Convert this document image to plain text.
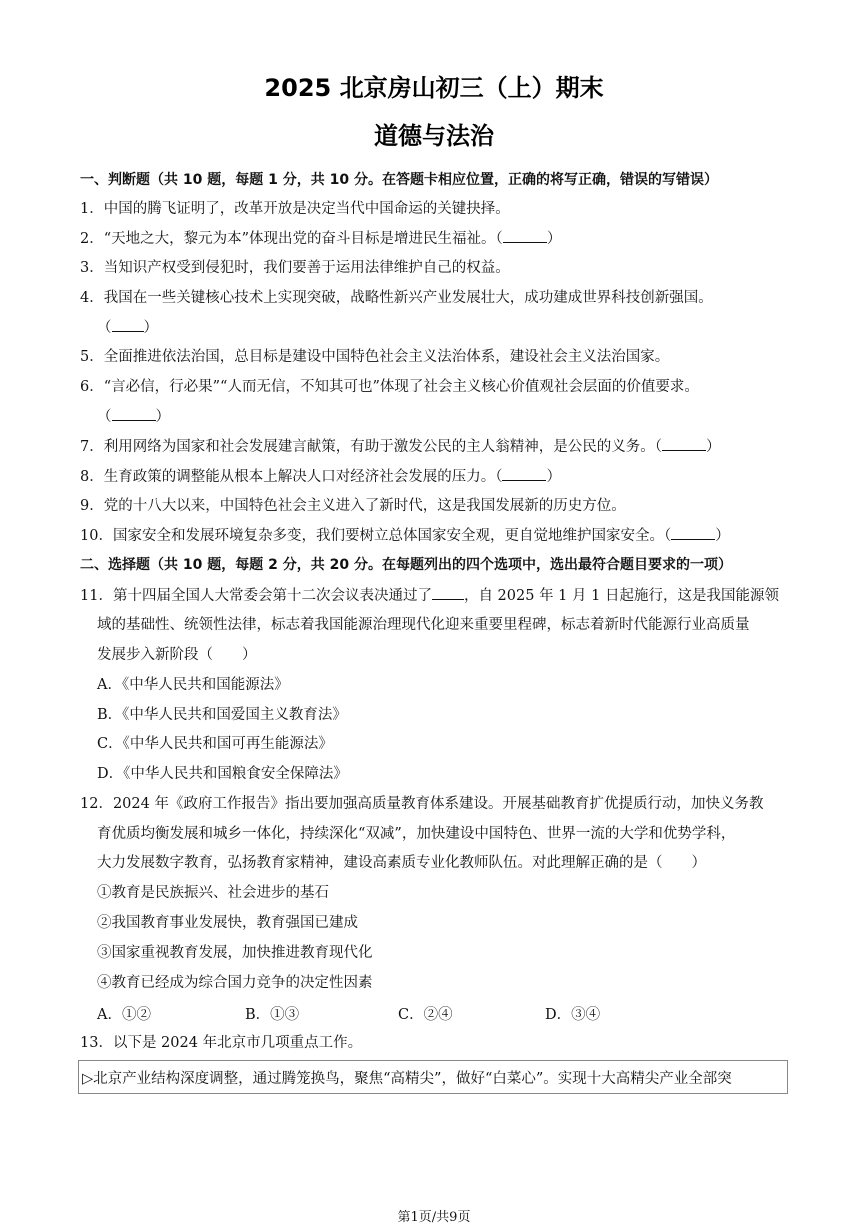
2025 北京房山初三（上）期末
道德与法治
一、判断题（共 10 题，每题 1 分，共 10 分。在答题卡相应位置，正确的将写正确，错误的写错误）
1．中国的腾飞证明了，改革开放是决定当代中国命运的关键抉择。
2．“天地之大，黎元为本”体现出党的奋斗目标是增进民生福祉。（	）
3．当知识产权受到侵犯时，我们要善于运用法律维护自己的权益。
4．我国在一些关键核心技术上实现突破，战略性新兴产业发展壮大，成功建成世界科技创新强国。
（ ）
5．全面推进依法治国，总目标是建设中国特色社会主义法治体系，建设社会主义法治国家。
6．“言必信，行必果”“人而无信，不知其可也”体现了社会主义核心价值观社会层面的价值要求。
（	）
7．利用网络为国家和社会发展建言献策，有助于激发公民的主人翁精神，是公民的义务。（	）
8．生育政策的调整能从根本上解决人口对经济社会发展的压力。（	）
9．党的十八大以来，中国特色社会主义进入了新时代，这是我国发展新的历史方位。
10．国家安全和发展环境复杂多变，我们要树立总体国家安全观，更自觉地维护国家安全。（	）
二、选择题（共 10 题，每题 2 分，共 20 分。在每题列出的四个选项中，选出最符合题目要求的一项）
11．第十四届全国人大常委会第十二次会议表决通过了 ，自 2025 年 1 月 1 日起施行，这是我国能源领
域的基础性、统领性法律，标志着我国能源治理现代化迎来重要里程碑，标志着新时代能源行业高质量
发展步入新阶段（　　）
A．《中华人民共和国能源法》
B．《中华人民共和国爱国主义教育法》
C．《中华人民共和国可再生能源法》
D．《中华人民共和国粮食安全保障法》
12．2024 年《政府工作报告》指出要加强高质量教育体系建设。开展基础教育扩优提质行动，加快义务教
育优质均衡发展和城乡一体化，持续深化“双减”，加快建设中国特色、世界一流的大学和优势学科，
大力发展数字教育，弘扬教育家精神，建设高素质专业化教师队伍。对此理解正确的是（　　）
①教育是民族振兴、社会进步的基石
②我国教育事业发展快，教育强国已建成
③国家重视教育发展，加快推进教育现代化
④教育已经成为综合国力竞争的决定性因素
A．①②	B．①③	C．②④	D．③④
13．以下是 2024 年北京市几项重点工作。
▷北京产业结构深度调整，通过腾笼换鸟，聚焦“高精尖”，做好“白菜心”。实现十大高精尖产业全部突
第1页/共9页
